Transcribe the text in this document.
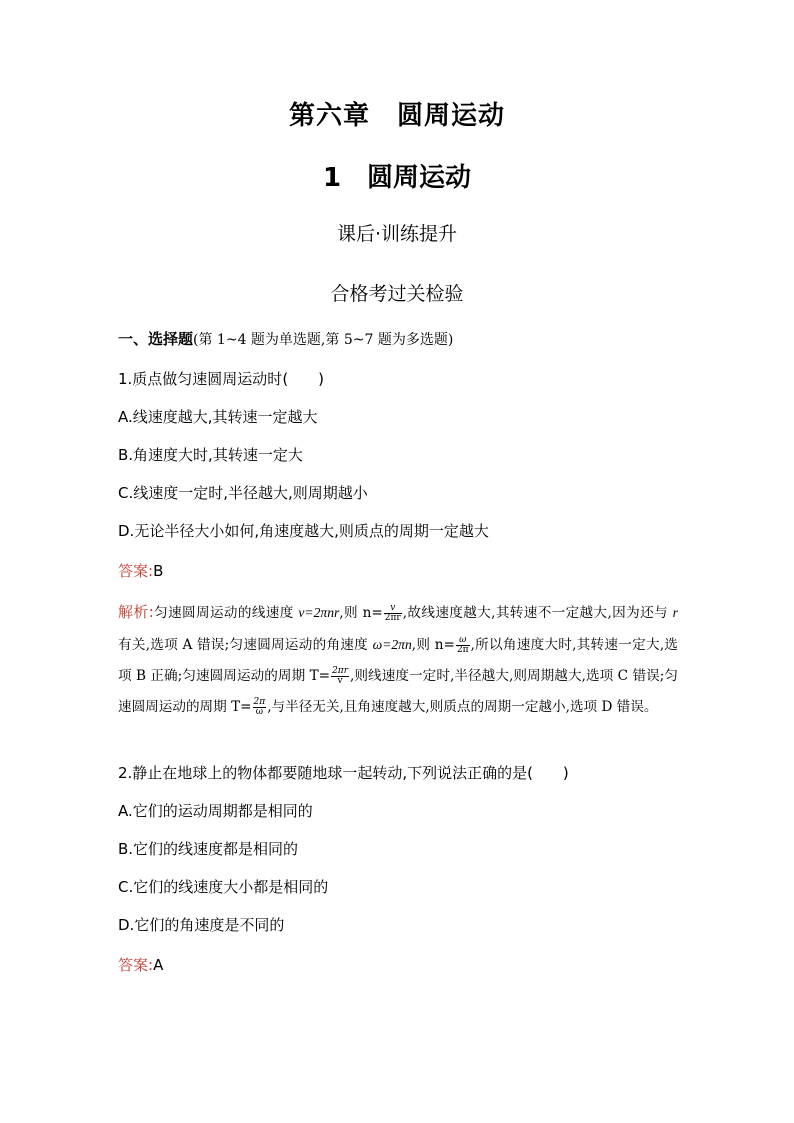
第六章　圆周运动
1　圆周运动
课后·训练提升
合格考过关检验
一、选择题(第 1~4 题为单选题,第 5~7 题为多选题)
1.质点做匀速圆周运动时(　　)
A.线速度越大,其转速一定越大
B.角速度大时,其转速一定大
C.线速度一定时,半径越大,则周期越小
D.无论半径大小如何,角速度越大,则质点的周期一定越大
答案:B
解析:匀速圆周运动的线速度 v=2πnr,则 $n= \frac{v}{2\pi r}$ ,故线速度越大,其转速不一定越大,因为还与 r 有关,选项 A 错误;匀速圆周运动的角速度 ω=2πn,则 $n= \frac{\omega}{2\pi}$ ,所以角速度大时,其转速一定大,选项 B 正确;匀速圆周运动的周期 $T= \frac{2\pi r}{v}$ ,则线速度一定时,半径越大,则周期越大,选项 C 错误;匀速圆周运动的周期 $T= \frac{2\pi}{\omega}$ ,与半径无关,且角速度越大,则质点的周期一定越小,选项 D 错误。
2.静止在地球上的物体都要随地球一起转动,下列说法正确的是(　　)
A.它们的运动周期都是相同的
B.它们的线速度都是相同的
C.它们的线速度大小都是相同的
D.它们的角速度是不同的
答案:A
